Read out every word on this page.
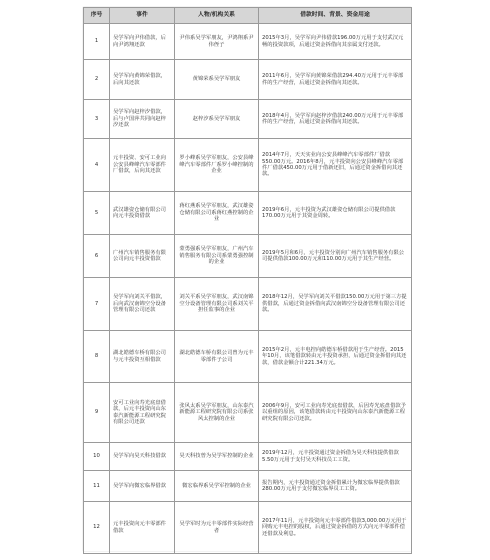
序号	事件	人物/机构关系	借款时间、背景、资金用途
1	吴学军向尹伟借款，后向尹鸿翔还款	尹伟系吴学军朋友，尹鸿翔系尹伟侄子	2015年3月，吴学军向尹伟借款196.00万元用于支付武汉元畅的投资款项，后通过资金拆借向其亲属支付还款。
2	吴学军向黄锦荣借款，后向其还款	黄锦荣系吴学军朋友	2011年6月，吴学军向黄锦荣借款294.40万元用于元丰零部件的生产经营，后通过资金拆借向其还款。
3	吴学军向赵梓汐借款，后与卢国萍共同向赵梓汐还款	赵梓汐系吴学军朋友	2018年4月，吴学军向赵梓汐借款240.00万元用于元丰零部件的生产经营，后通过资金拆借向其还款。
4	元丰投资、安可工业向公安县峰峰汽车零部件厂借款，后向其还款	罗小峰系吴学军朋友，公安县峰峰汽车零部件厂系罗小峰控制的企业	2014年7月，天天实业向公安县峰峰汽车零部件厂借款550.00万元。2016年8月，元丰投资向公安县峰峰汽车零部件厂借款450.00万元用于借新还旧，后通过资金拆借向其还款。
5	武汉雄姿仓储有限公司向元丰投资借款	蒋红燕系吴学军朋友，武汉雄姿仓储有限公司系蒋红燕控制的企业	2019年6月，元丰投资为武汉雄姿仓储有限公司提供借款170.00万元用于其资金周转。
6	广州汽车销售服务有限公司向元丰投资借款	蒙勇强系吴学军朋友，广州汽车销售服务有限公司系蒙勇强控制的企业	2019年5月和6月，元丰投资分别向广州汽车销售服务有限公司提供借款100.00万元和110.00万元用于其生产经营。
7	吴学军向刘关平借款，后向武汉南锦空分设备管理有限公司还款	刘关平系吴学军朋友，武汉南锦空分设备管理有限公司系刘关平担任监事的企业	2018年12月，吴学军向刘关平借款150.00万元用于第三方提供借款，后通过资金拆借向武汉南锦空分设备管理有限公司还款。
8	湖北皓德车桥有限公司与元丰投资互相借款	湖北皓德车桥有限公司曾为元丰零部件子公司	2015年2月，元丰电控向皓德车桥借款用于生产经营。2015年10月，该笔借款转由元丰投资承担，后通过资金拆借向其还款，借款金额合计221.34万元。
9	安可工业向寿光底盘借款，后元丰投资向山东泰汽新能源工程研究院有限公司还款	张风太系吴学军朋友，山东泰汽新能源工程研究院有限公司系张风太控制的企业	2006年9月，安可工业向寿光底盘借款，后因寿光底盘借款予以重组的原因，该笔借款转由元丰投资向山东泰汽新能源工程研究院有限公司还款。
10	吴学军向昊天科技借款	昊天科技曾为吴学军控制的企业	2019年12月，元丰投资通过资金拆借为昊天科技提供借款5.50万元用于支付吴天科技员工工资。
11	吴学军向微宏临界借款	微宏临界系吴学军控制的企业	报告期内，元丰投资通过资金拆借累计为微宏临界提供借款280.00万元用于支付微宏临界员工工资。
12	元丰投资向元丰零部件借款	吴学军时为元丰零部件实际经营者	2017年11月，元丰投资向元丰零部件借款3,000.00万元用于回购元丰电控的股权，后通过资金拆借的方式向元丰零部件偿还借款及利息。
